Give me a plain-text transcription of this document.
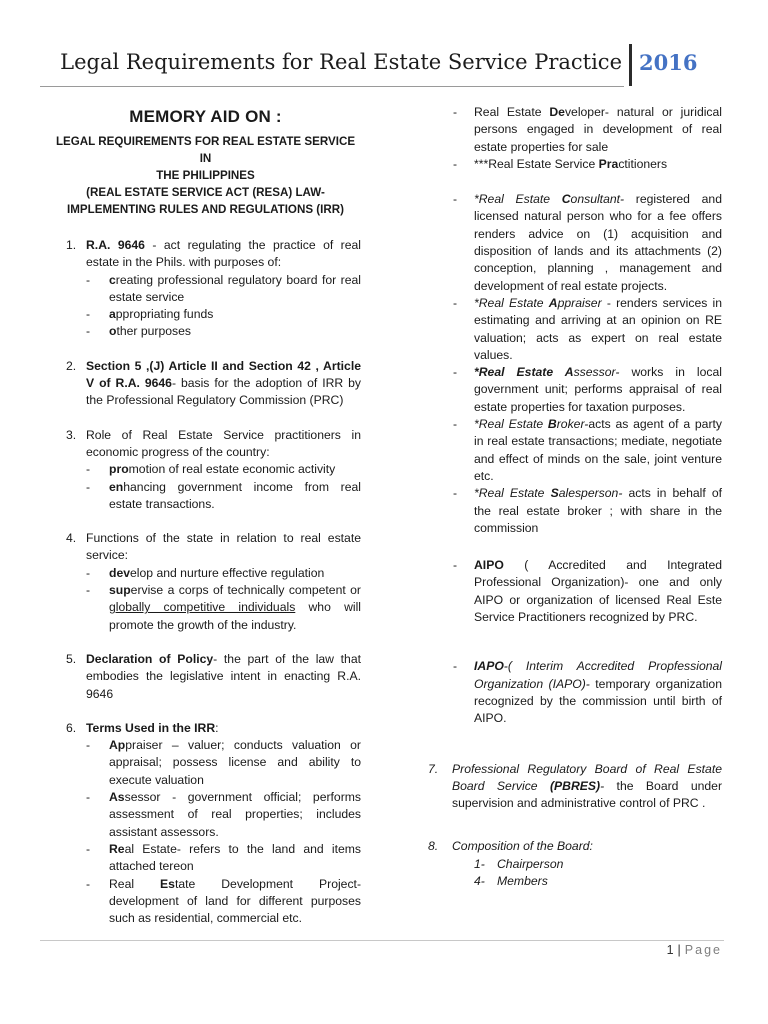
Legal Requirements for Real Estate Service Practice 2016
MEMORY AID ON :
LEGAL REQUIREMENTS FOR REAL ESTATE SERVICE IN
THE PHILIPPINES
(REAL ESTATE SERVICE ACT (RESA) LAW-
IMPLEMENTING RULES AND REGULATIONS (IRR)
1. R.A. 9646 - act regulating the practice of real estate in the Phils. with purposes of:
-	creating professional regulatory board for real estate service
-	appropriating funds
-	other purposes
2. Section 5 ,(J) Article II and Section 42 , Article V of R.A. 9646- basis for the adoption of IRR by the Professional Regulatory Commission (PRC)
3. Role of Real Estate Service practitioners in economic progress of the country:
-	promotion of real estate economic activity
-	enhancing government income from real estate transactions.
4. Functions of the state in relation to real estate service:
-	develop and nurture effective regulation
-	supervise a corps of technically competent or globally competitive individuals who will promote the growth of the industry.
5. Declaration of Policy- the part of the law that embodies the legislative intent in enacting R.A. 9646
6. Terms Used in the IRR:
-	Appraiser – valuer; conducts valuation or appraisal; possess license and ability to execute valuation
-	Assessor - government official; performs assessment of real properties; includes assistant assessors.
-	Real Estate- refers to the land and items attached tereon
-	Real Estate Development Project- development of land for different purposes such as residential, commercial etc.
-	Real Estate Developer- natural or juridical persons engaged in development of real estate properties for sale
-	***Real Estate Service Practitioners
-	*Real Estate Consultant- registered and licensed natural person who for a fee offers renders advice on (1) acquisition and disposition of lands and its attachments (2) conception, planning , management and development of real estate projects.
-	*Real Estate Appraiser - renders services in estimating and arriving at an opinion on RE valuation; acts as expert on real estate values.
-	*Real Estate Assessor- works in local government unit; performs appraisal of real estate properties for taxation purposes.
-	*Real Estate Broker-acts as agent of a party in real estate transactions; mediate, negotiate and effect of minds on the sale, joint venture etc.
-	*Real Estate Salesperson- acts in behalf of the real estate broker ; with share in the commission
-	AIPO ( Accredited and Integrated Professional Organization)- one and only AIPO or organization of licensed Real Este Service Practitioners recognized by PRC.
-	IAPO-( Interim Accredited Propfessional Organization (IAPO)- temporary organization recognized by the commission until birth of AIPO.
7.	Professional Regulatory Board of Real Estate Board Service (PBRES)- the Board under supervision and administrative control of PRC .
8.	Composition of the Board:
1- Chairperson
4- Members
1 | Page
